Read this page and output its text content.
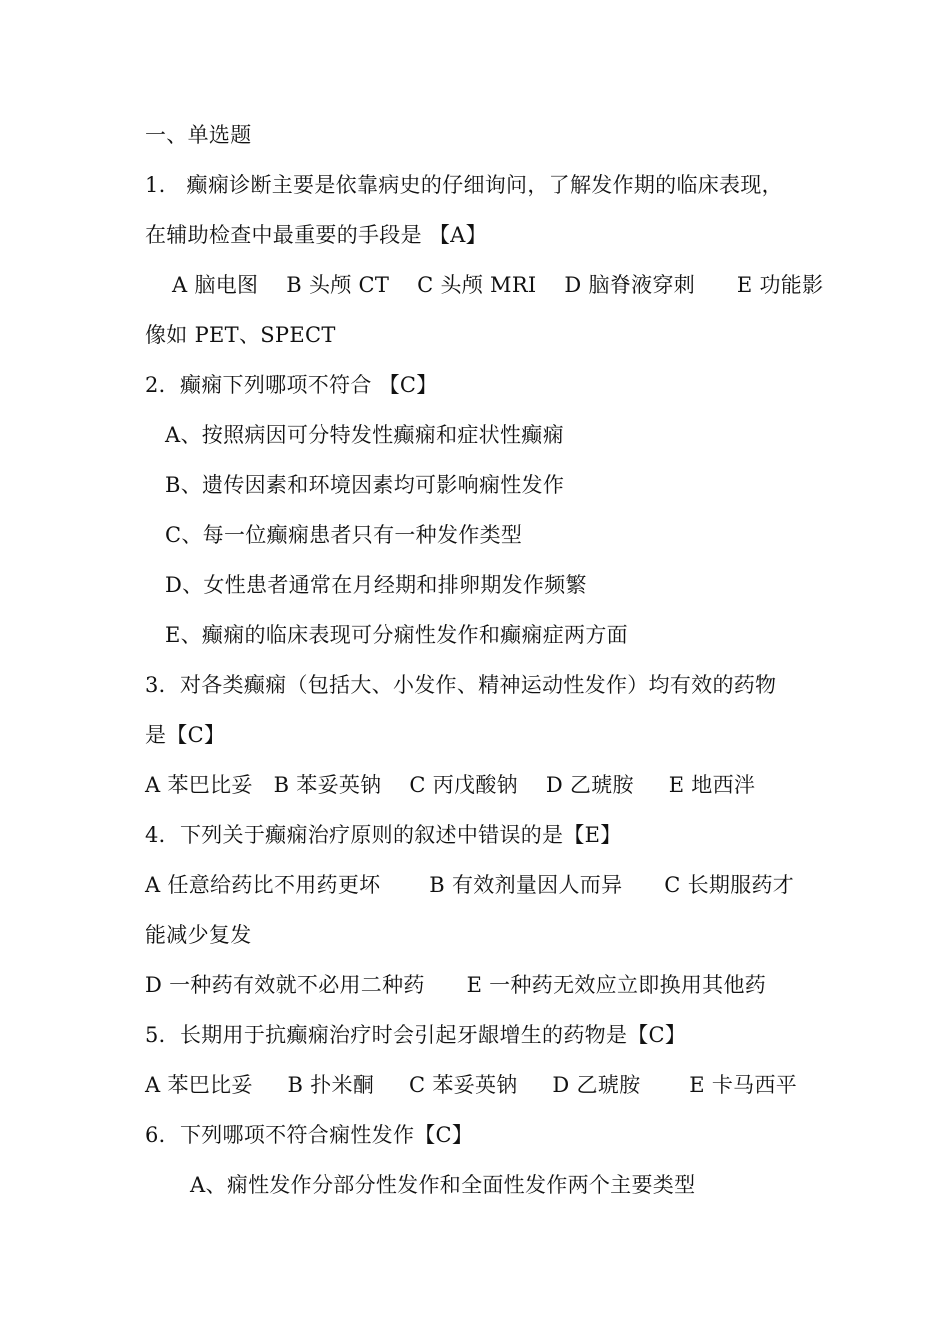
一、单选题
1.   癫痫诊断主要是依靠病史的仔细询问，了解发作期的临床表现，
在辅助检查中最重要的手段是 【A】
A 脑电图    B 头颅 CT    C 头颅 MRI    D 脑脊液穿刺      E 功能影
像如 PET、SPECT
2．癫痫下列哪项不符合 【C】
A、按照病因可分特发性癫痫和症状性癫痫
B、遗传因素和环境因素均可影响痫性发作
C、每一位癫痫患者只有一种发作类型
D、女性患者通常在月经期和排卵期发作频繁
E、癫痫的临床表现可分痫性发作和癫痫症两方面
3．对各类癫痫（包括大、小发作、精神运动性发作）均有效的药物
是【C】
A 苯巴比妥   B 苯妥英钠    C 丙戊酸钠    D 乙琥胺     E 地西泮
4．下列关于癫痫治疗原则的叙述中错误的是【E】
A 任意给药比不用药更坏       B 有效剂量因人而异      C 长期服药才
能减少复发
D 一种药有效就不必用二种药      E 一种药无效应立即换用其他药
5．长期用于抗癫痫治疗时会引起牙龈增生的药物是【C】
A 苯巴比妥     B 扑米酮     C 苯妥英钠     D 乙琥胺       E 卡马西平
6．下列哪项不符合痫性发作【C】
A、痫性发作分部分性发作和全面性发作两个主要类型
